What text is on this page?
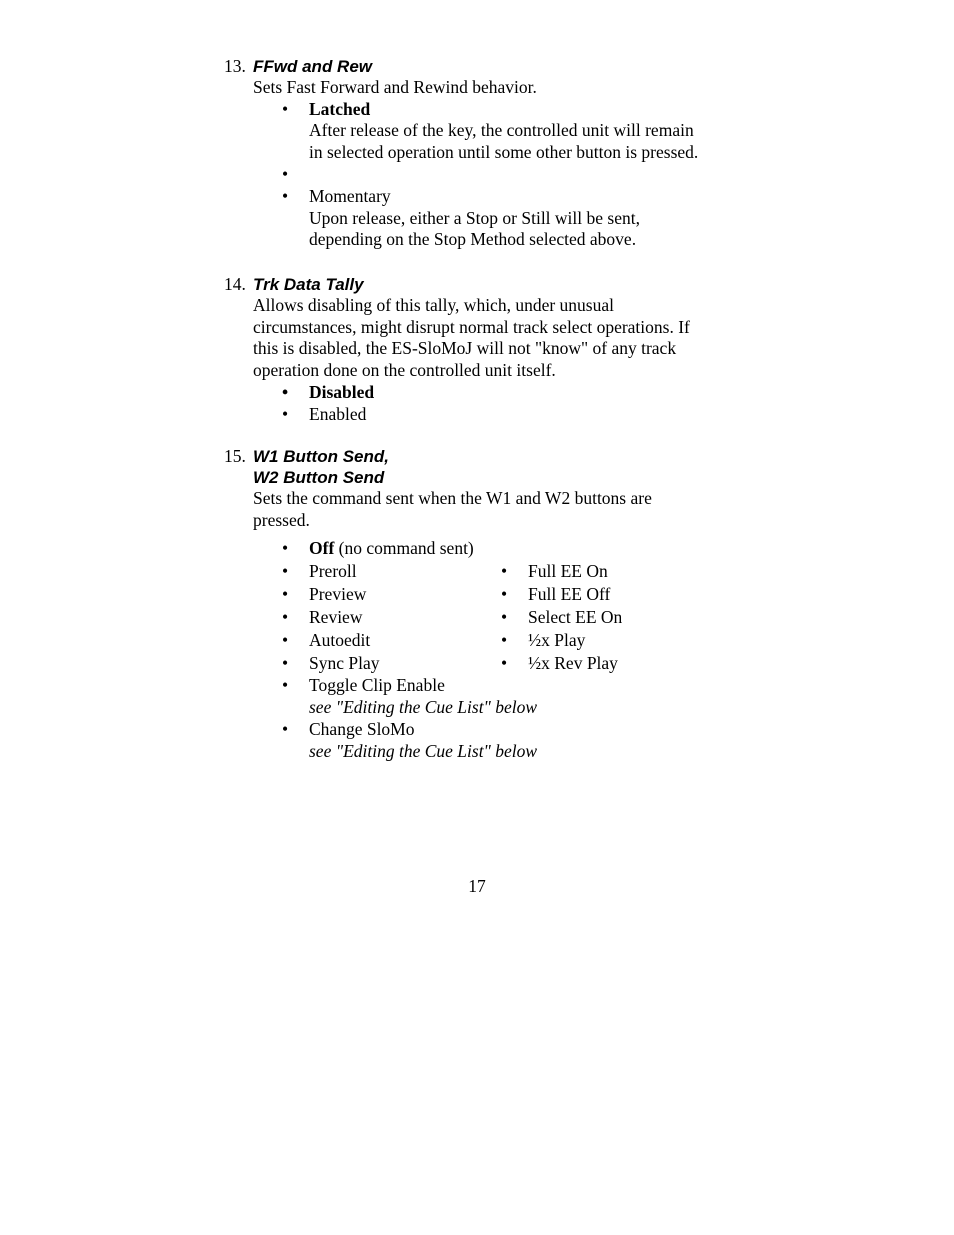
13. FFwd and Rew
Sets Fast Forward and Rewind behavior.
• Latched
After release of the key, the controlled unit will remain
in selected operation until some other button is pressed.
•
• Momentary
Upon release, either a Stop or Still will be sent,
depending on the Stop Method selected above.
14. Trk Data Tally
Allows disabling of this tally, which, under unusual
circumstances, might disrupt normal track select operations. If
this is disabled, the ES-SloMoJ will not "know" of any track
operation done on the controlled unit itself.
• Disabled
• Enabled
15. W1 Button Send,
W2 Button Send
Sets the command sent when the W1 and W2 buttons are
pressed.
• Off (no command sent)
• Preroll	• Full EE On
• Preview	• Full EE Off
• Review	• Select EE On
• Autoedit	• ½x Play
• Sync Play	• ½x Rev Play
• Toggle Clip Enable
see "Editing the Cue List" below
• Change SloMo
see "Editing the Cue List" below
17
